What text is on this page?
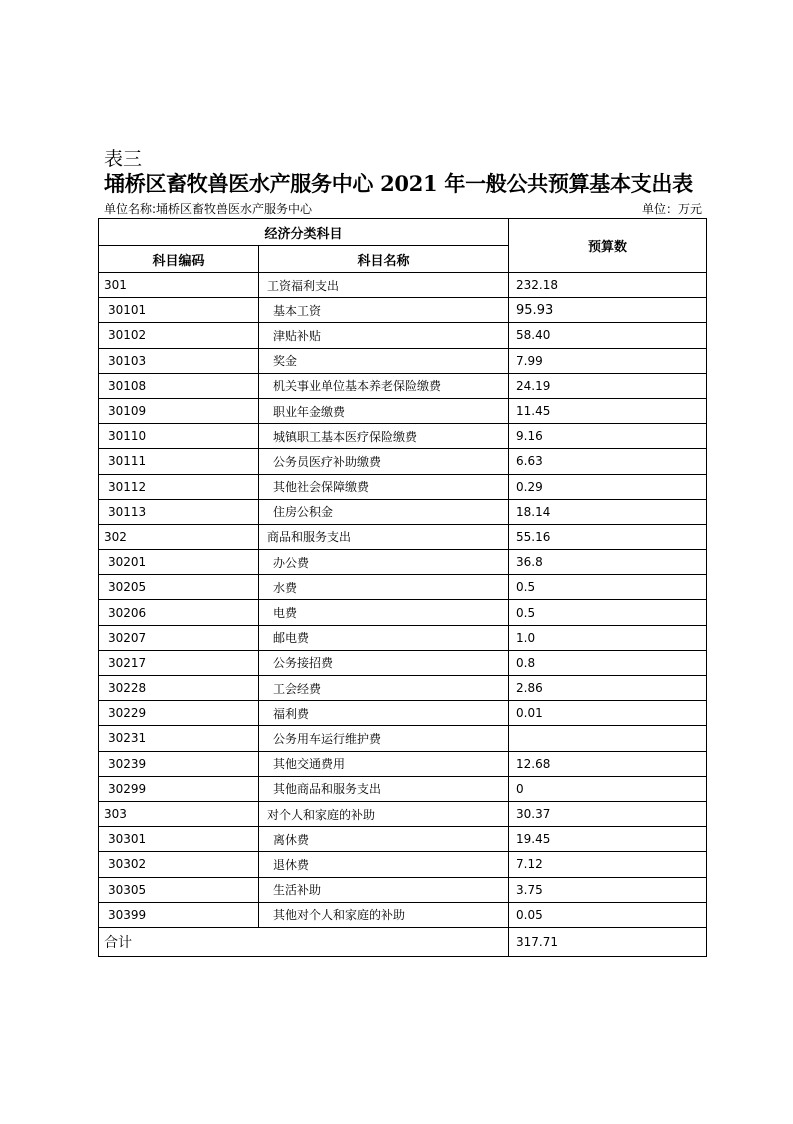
表三
埇桥区畜牧兽医水产服务中心 2021 年一般公共预算基本支出表
单位名称:埇桥区畜牧兽医水产服务中心	单位：万元
经济分类科目		预算数
科目编码	科目名称	
301	工资福利支出	232.18
30101	基本工资	95.93
30102	津贴补贴	58.40
30103	奖金	7.99
30108	机关事业单位基本养老保险缴费	24.19
30109	职业年金缴费	11.45
30110	城镇职工基本医疗保险缴费	9.16
30111	公务员医疗补助缴费	6.63
30112	其他社会保障缴费	0.29
30113	住房公积金	18.14
302	商品和服务支出	55.16
30201	办公费	36.8
30205	水费	0.5
30206	电费	0.5
30207	邮电费	1.0
30217	公务接招费	0.8
30228	工会经费	2.86
30229	福利费	0.01
30231	公务用车运行维护费	
30239	其他交通费用	12.68
30299	其他商品和服务支出	0
303	对个人和家庭的补助	30.37
30301	离休费	19.45
30302	退休费	7.12
30305	生活补助	3.75
30399	其他对个人和家庭的补助	0.05
合计		317.71
